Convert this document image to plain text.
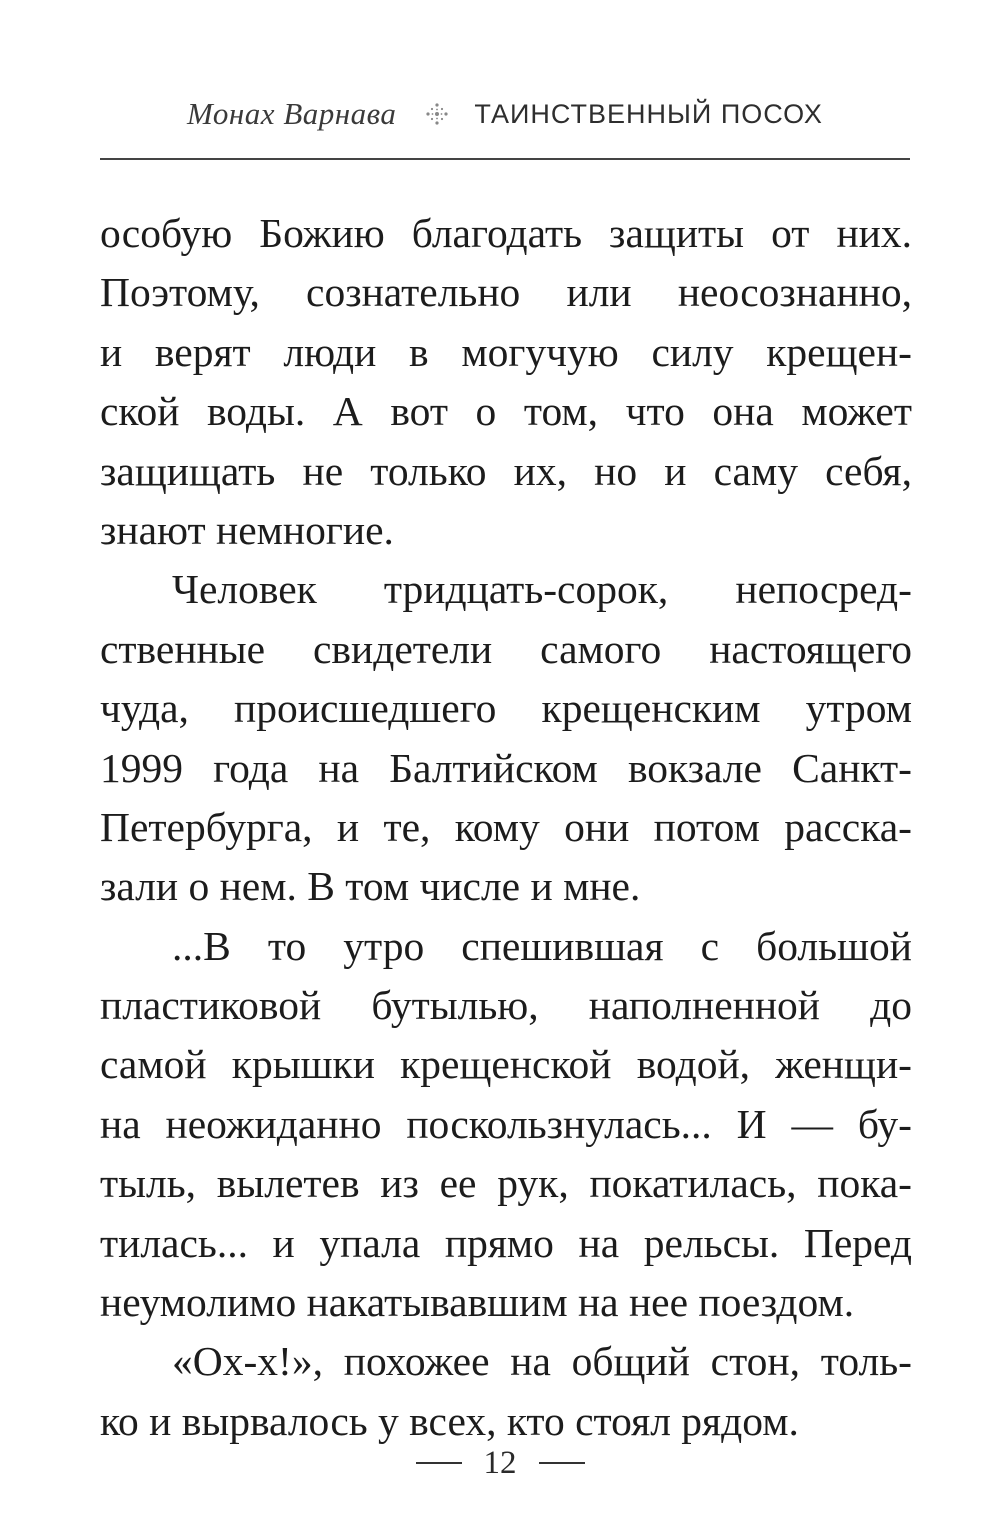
Монах Варнава	ТАИНСТВЕННЫЙ ПОСОХ
особую Божию благодать защиты от них.
Поэтому, сознательно или неосознанно,
и верят люди в могучую силу крещен-
ской воды. А вот о том, что она может
защищать не только их, но и саму себя,
знают немногие.
Человек тридцать-сорок, непосред-
ственные свидетели самого настоящего
чуда, происшедшего крещенским утром
1999 года на Балтийском вокзале Санкт-
Петербурга, и те, кому они потом расска-
зали о нем. В том числе и мне.
...В то утро спешившая с большой
пластиковой бутылью, наполненной до
самой крышки крещенской водой, женщи-
на неожиданно поскользнулась... И — бу-
тыль, вылетев из ее рук, покатилась, пока-
тилась... и упала прямо на рельсы. Перед
неумолимо накатывавшим на нее поездом.
«Ох-х!», похожее на общий стон, толь-
ко и вырвалось у всех, кто стоял рядом.
12
